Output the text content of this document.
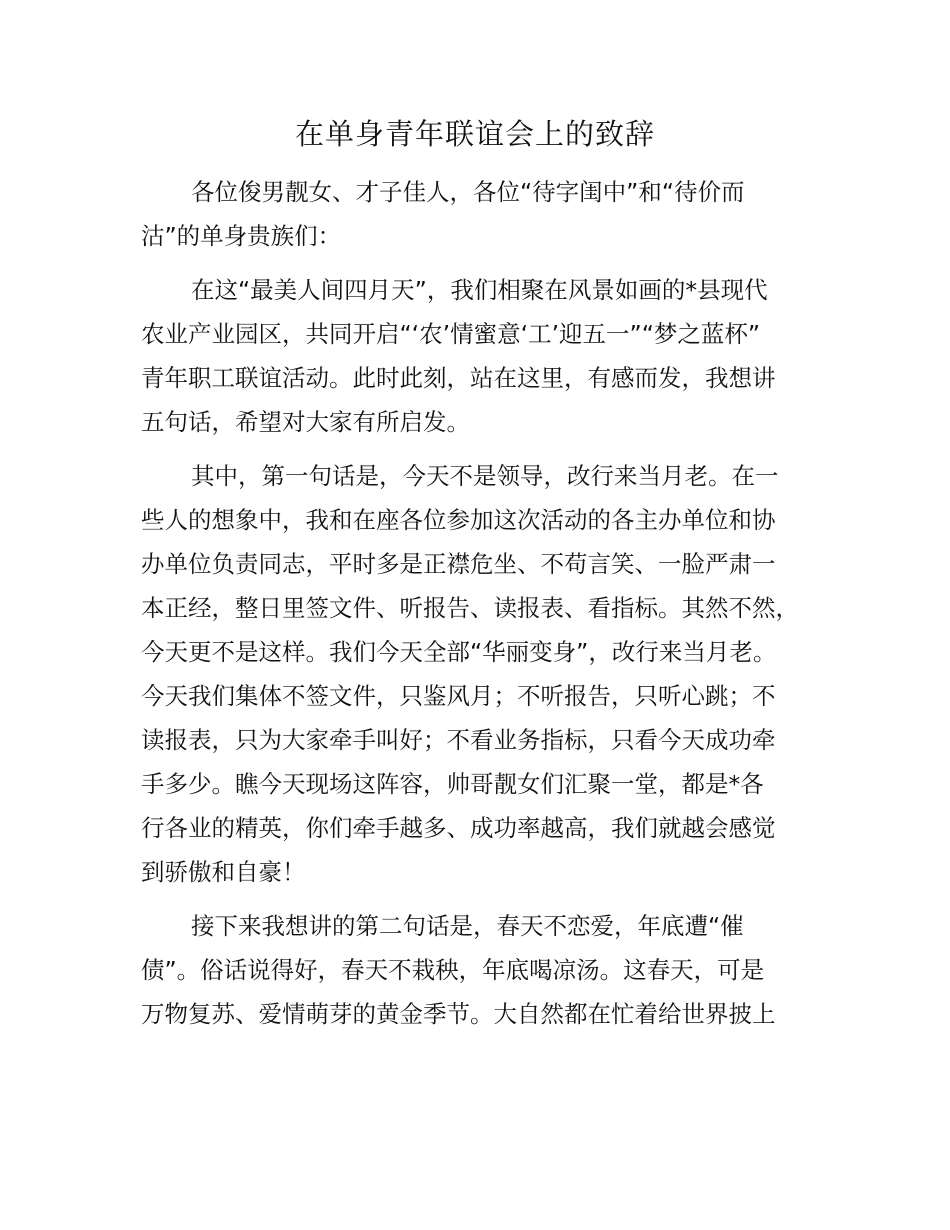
在单身青年联谊会上的致辞

各位俊男靓女、才子佳人，各位“待字闺中”和“待价而
沽”的单身贵族们：

在这“最美人间四月天”，我们相聚在风景如画的*县现代
农业产业园区，共同开启“‘农’情蜜意‘工’迎五一”“梦之蓝杯”
青年职工联谊活动。此时此刻，站在这里，有感而发，我想讲
五句话，希望对大家有所启发。

其中，第一句话是，今天不是领导，改行来当月老。在一
些人的想象中，我和在座各位参加这次活动的各主办单位和协
办单位负责同志，平时多是正襟危坐、不苟言笑、一脸严肃一
本正经，整日里签文件、听报告、读报表、看指标。其然不然，
今天更不是这样。我们今天全部“华丽变身”，改行来当月老。
今天我们集体不签文件，只鉴风月；不听报告，只听心跳；不
读报表，只为大家牵手叫好；不看业务指标，只看今天成功牵
手多少。瞧今天现场这阵容，帅哥靓女们汇聚一堂，都是*各
行各业的精英，你们牵手越多、成功率越高，我们就越会感觉
到骄傲和自豪！

接下来我想讲的第二句话是，春天不恋爱，年底遭“催
债”。俗话说得好，春天不栽秧，年底喝凉汤。这春天，可是
万物复苏、爱情萌芽的黄金季节。大自然都在忙着给世界披上
